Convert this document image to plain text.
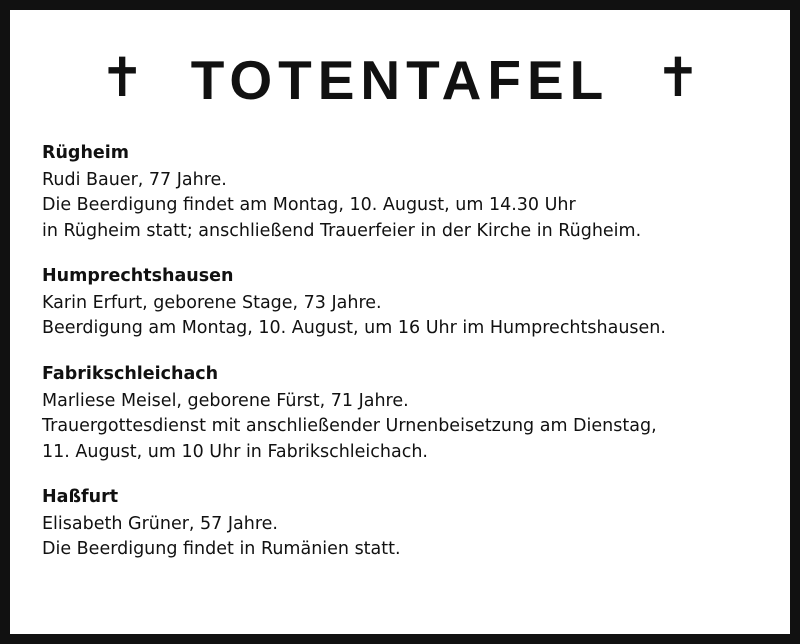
✝ TOTENTAFEL ✝
Rügheim
Rudi Bauer, 77 Jahre.
Die Beerdigung findet am Montag, 10. August, um 14.30 Uhr
in Rügheim statt; anschließend Trauerfeier in der Kirche in Rügheim.
Humprechtshausen
Karin Erfurt, geborene Stage, 73 Jahre.
Beerdigung am Montag, 10. August, um 16 Uhr im Humprechtshausen.
Fabrikschleichach
Marliese Meisel, geborene Fürst, 71 Jahre.
Trauergottesdienst mit anschließender Urnenbeisetzung am Dienstag,
11. August, um 10 Uhr in Fabrikschleichach.
Haßfurt
Elisabeth Grüner, 57 Jahre.
Die Beerdigung findet in Rumänien statt.
